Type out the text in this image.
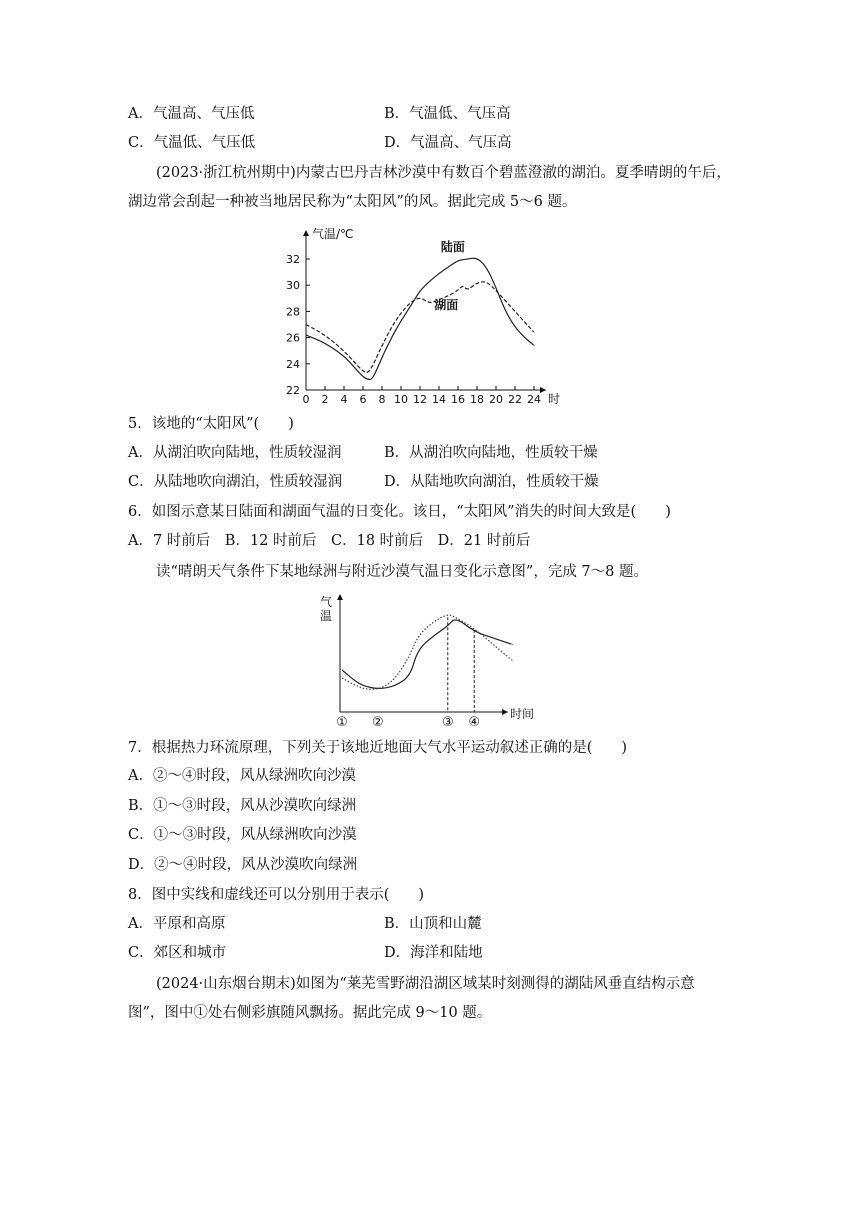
A．气温高、气压低	B．气温低、气压高
C．气温低、气压低	D．气温高、气压高
(2023·浙江杭州期中)内蒙古巴丹吉林沙漠中有数百个碧蓝澄澈的湖泊。夏季晴朗的午后，
湖边常会刮起一种被当地居民称为“太阳风”的风。据此完成 5～6 题。
22
24
26
28
30
32
0 2 4 6 8 10 12 14 16 18 20 22 24
气温/℃
时
陆面
湖面
5．该地的“太阳风”(　　)
A．从湖泊吹向陆地，性质较湿润	B．从湖泊吹向陆地，性质较干燥
C．从陆地吹向湖泊，性质较湿润	D．从陆地吹向湖泊，性质较干燥
6．如图示意某日陆面和湖面气温的日变化。该日，“太阳风”消失的时间大致是(　　)
A．7 时前后　B．12 时前后　C．18 时前后　D．21 时前后
读“晴朗天气条件下某地绿洲与附近沙漠气温日变化示意图”，完成 7～8 题。
气
温
时间
① ②	③ ④
7．根据热力环流原理，下列关于该地近地面大气水平运动叙述正确的是(　　)
A．②～④时段，风从绿洲吹向沙漠
B．①～③时段，风从沙漠吹向绿洲
C．①～③时段，风从绿洲吹向沙漠
D．②～④时段，风从沙漠吹向绿洲
8．图中实线和虚线还可以分别用于表示(　　)
A．平原和高原	B．山顶和山麓
C．郊区和城市	D．海洋和陆地
(2024·山东烟台期末)如图为“莱芜雪野湖沿湖区域某时刻测得的湖陆风垂直结构示意
图”，图中①处右侧彩旗随风飘扬。据此完成 9～10 题。
